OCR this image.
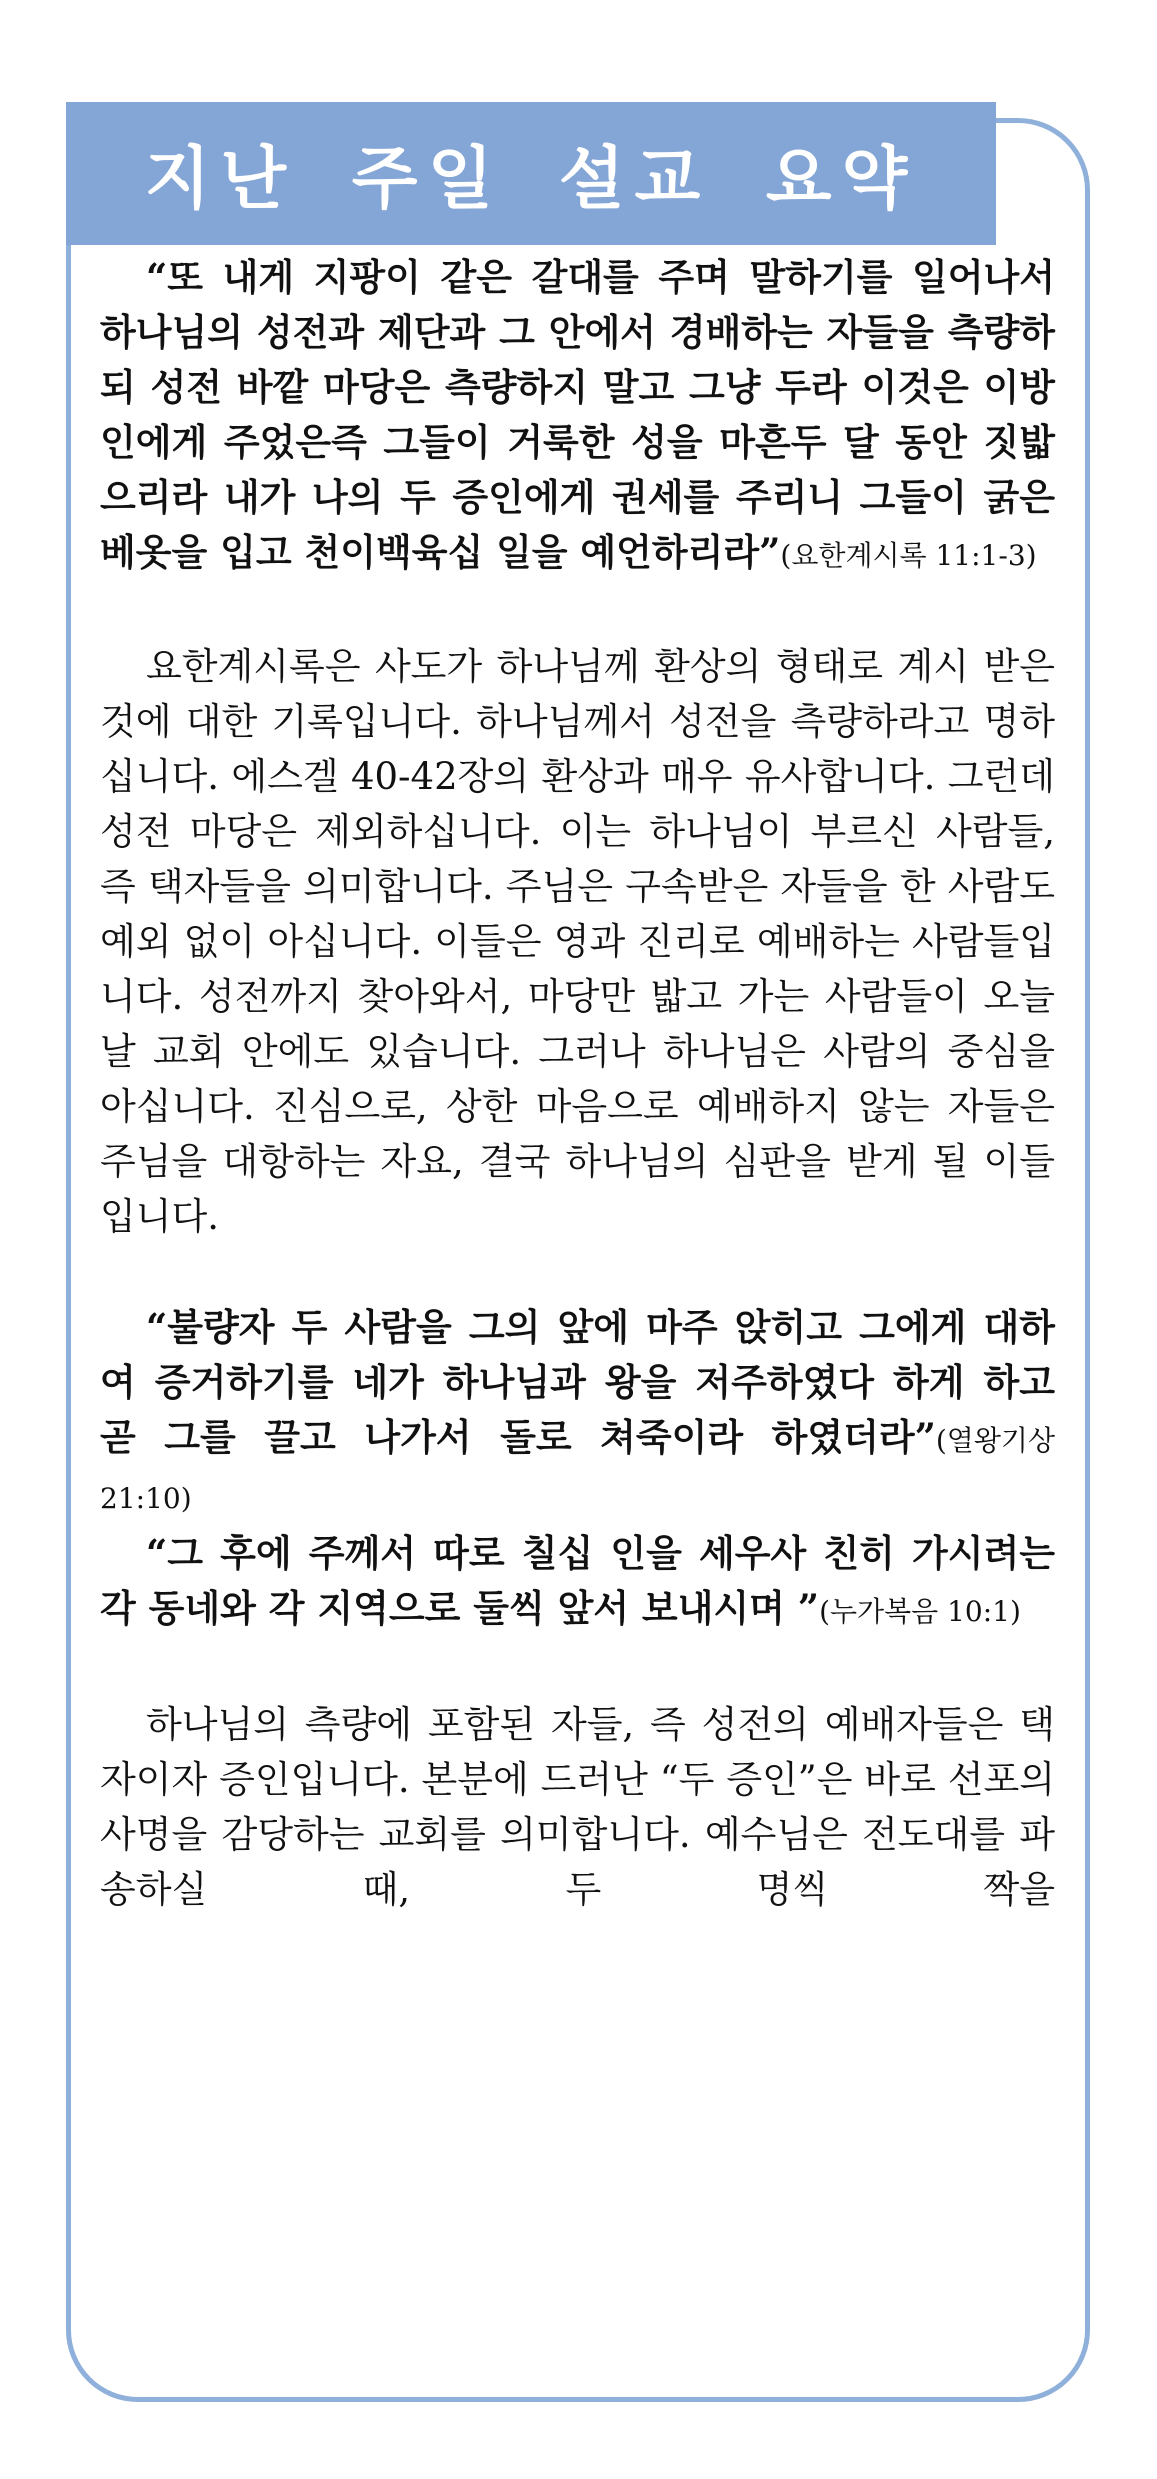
지난 주일 설교 요약

“또 내게 지팡이 같은 갈대를 주며 말하기를 일어나서 하나님의 성전과 제단과 그 안에서 경배하는 자들을 측량하되 성전 바깥 마당은 측량하지 말고 그냥 두라 이것은 이방인에게 주었은즉 그들이 거룩한 성을 마흔두 달 동안 짓밟으리라 내가 나의 두 증인에게 권세를 주리니 그들이 굵은 베옷을 입고 천이백육십 일을 예언하리라”(요한계시록 11:1-3)

요한계시록은 사도가 하나님께 환상의 형태로 계시 받은 것에 대한 기록입니다. 하나님께서 성전을 측량하라고 명하십니다. 에스겔 40-42장의 환상과 매우 유사합니다. 그런데 성전 마당은 제외하십니다. 이는 하나님이 부르신 사람들, 즉 택자들을 의미합니다. 주님은 구속받은 자들을 한 사람도 예외 없이 아십니다. 이들은 영과 진리로 예배하는 사람들입니다. 성전까지 찾아와서, 마당만 밟고 가는 사람들이 오늘날 교회 안에도 있습니다. 그러나 하나님은 사람의 중심을 아십니다. 진심으로, 상한 마음으로 예배하지 않는 자들은 주님을 대항하는 자요, 결국 하나님의 심판을 받게 될 이들입니다.

“불량자 두 사람을 그의 앞에 마주 앉히고 그에게 대하여 증거하기를 네가 하나님과 왕을 저주하였다 하게 하고 곧 그를 끌고 나가서 돌로 쳐죽이라 하였더라”(열왕기상 21:10)

“그 후에 주께서 따로 칠십 인을 세우사 친히 가시려는 각 동네와 각 지역으로 둘씩 앞서 보내시며 ”(누가복음 10:1)

하나님의 측량에 포함된 자들, 즉 성전의 예배자들은 택자이자 증인입니다. 본분에 드러난 “두 증인”은 바로 선포의 사명을 감당하는 교회를 의미합니다. 예수님은 전도대를 파송하실 때, 두 명씩 짝을
